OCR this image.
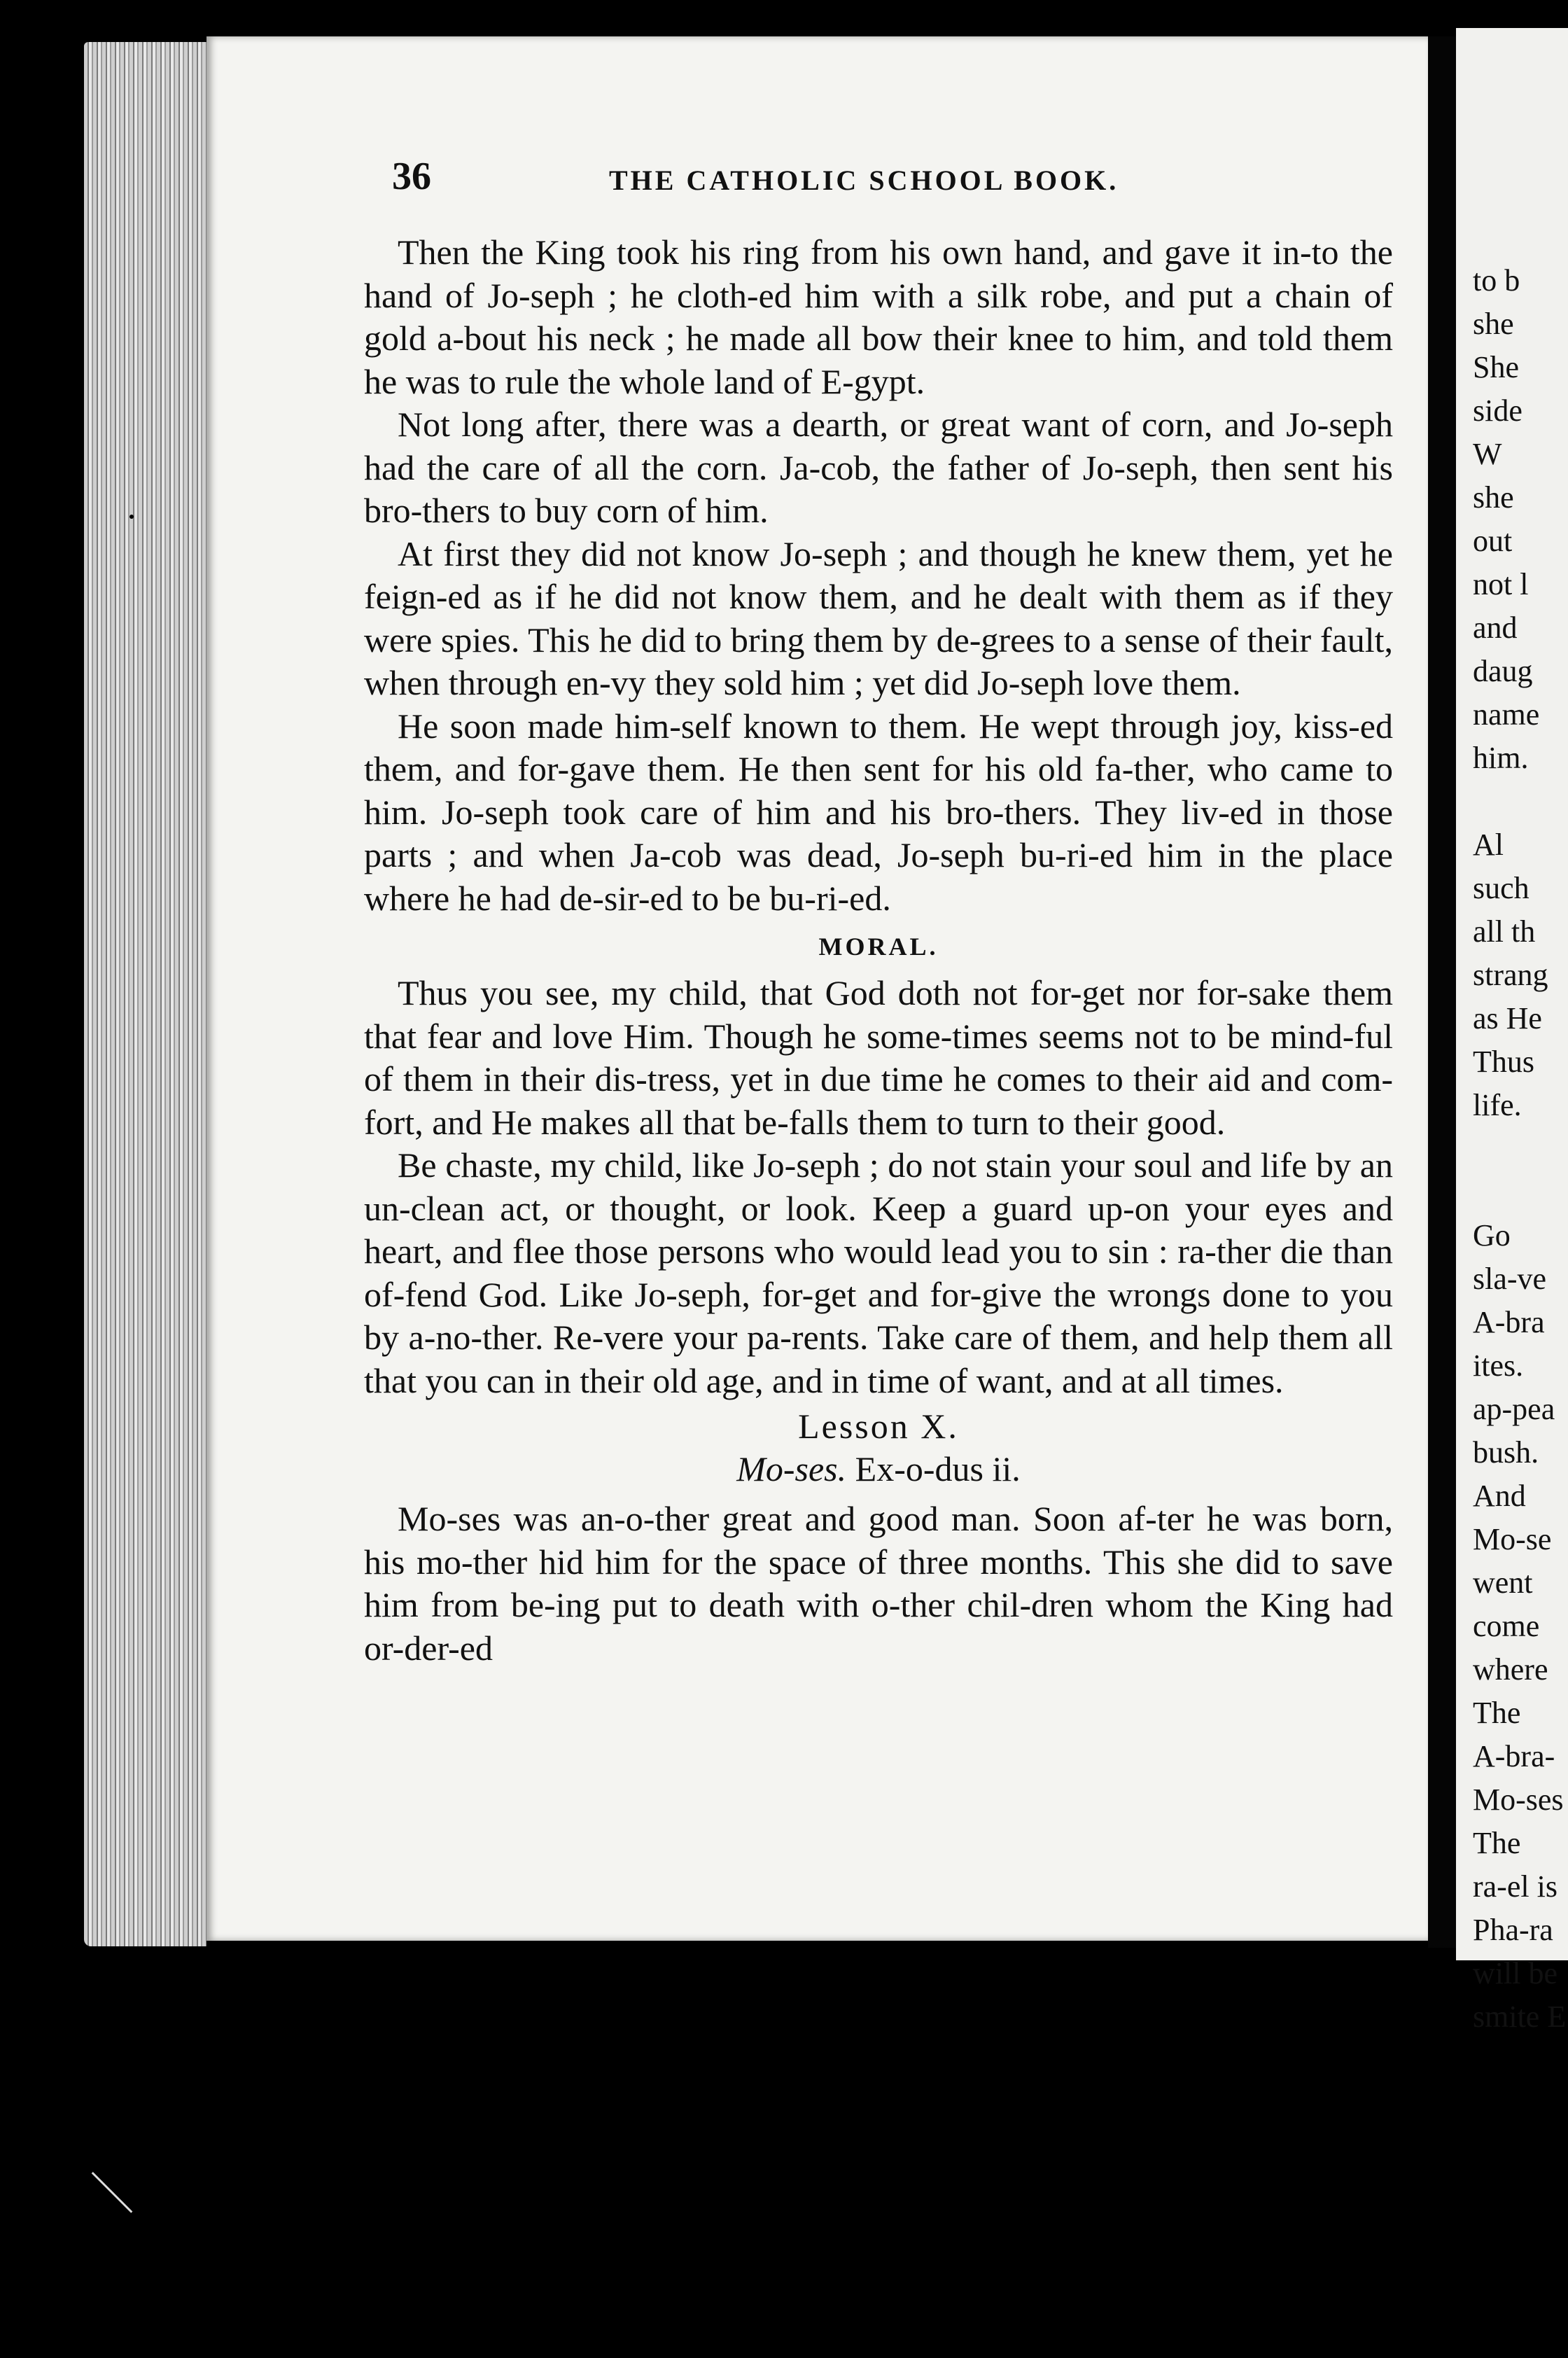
to b
she
She
side
W
she
out
not l
and
daug
name
him.

Al
such
all th
strang
as He
Thus
life.

Go
sla-ve
A-bra
ites.
ap-pea
bush.
And
Mo-se
went
come
where
The
A-bra-
Mo-ses
The
ra-el is
Pha-ra
will be
smite E
36	THE CATHOLIC SCHOOL BOOK.

Then the King took his ring from his own hand, and gave it in-to the hand of Jo-seph ; he cloth-ed him with a silk robe, and put a chain of gold a-bout his neck ; he made all bow their knee to him, and told them he was to rule the whole land of E-gypt.

Not long after, there was a dearth, or great want of corn, and Jo-seph had the care of all the corn. Ja-cob, the father of Jo-seph, then sent his bro-thers to buy corn of him.

At first they did not know Jo-seph ; and though he knew them, yet he feign-ed as if he did not know them, and he dealt with them as if they were spies. This he did to bring them by de-grees to a sense of their fault, when through en-vy they sold him ; yet did Jo-seph love them.

He soon made him-self known to them. He wept through joy, kiss-ed them, and for-gave them. He then sent for his old fa-ther, who came to him. Jo-seph took care of him and his bro-thers. They liv-ed in those parts ; and when Ja-cob was dead, Jo-seph bu-ri-ed him in the place where he had de-sir-ed to be bu-ri-ed.

MORAL.

Thus you see, my child, that God doth not for-get nor for-sake them that fear and love Him. Though he some-times seems not to be mind-ful of them in their dis-tress, yet in due time he comes to their aid and com-fort, and He makes all that be-falls them to turn to their good.

Be chaste, my child, like Jo-seph ; do not stain your soul and life by an un-clean act, or thought, or look. Keep a guard up-on your eyes and heart, and flee those persons who would lead you to sin : ra-ther die than of-fend God. Like Jo-seph, for-get and for-give the wrongs done to you by a-no-ther. Re-vere your pa-rents. Take care of them, and help them all that you can in their old age, and in time of want, and at all times.

Lesson X.
Mo-ses. Ex-o-dus ii.

Mo-ses was an-o-ther great and good man. Soon af-ter he was born, his mo-ther hid him for the space of three months. This she did to save him from be-ing put to death with o-ther chil-dren whom the King had or-der-ed
